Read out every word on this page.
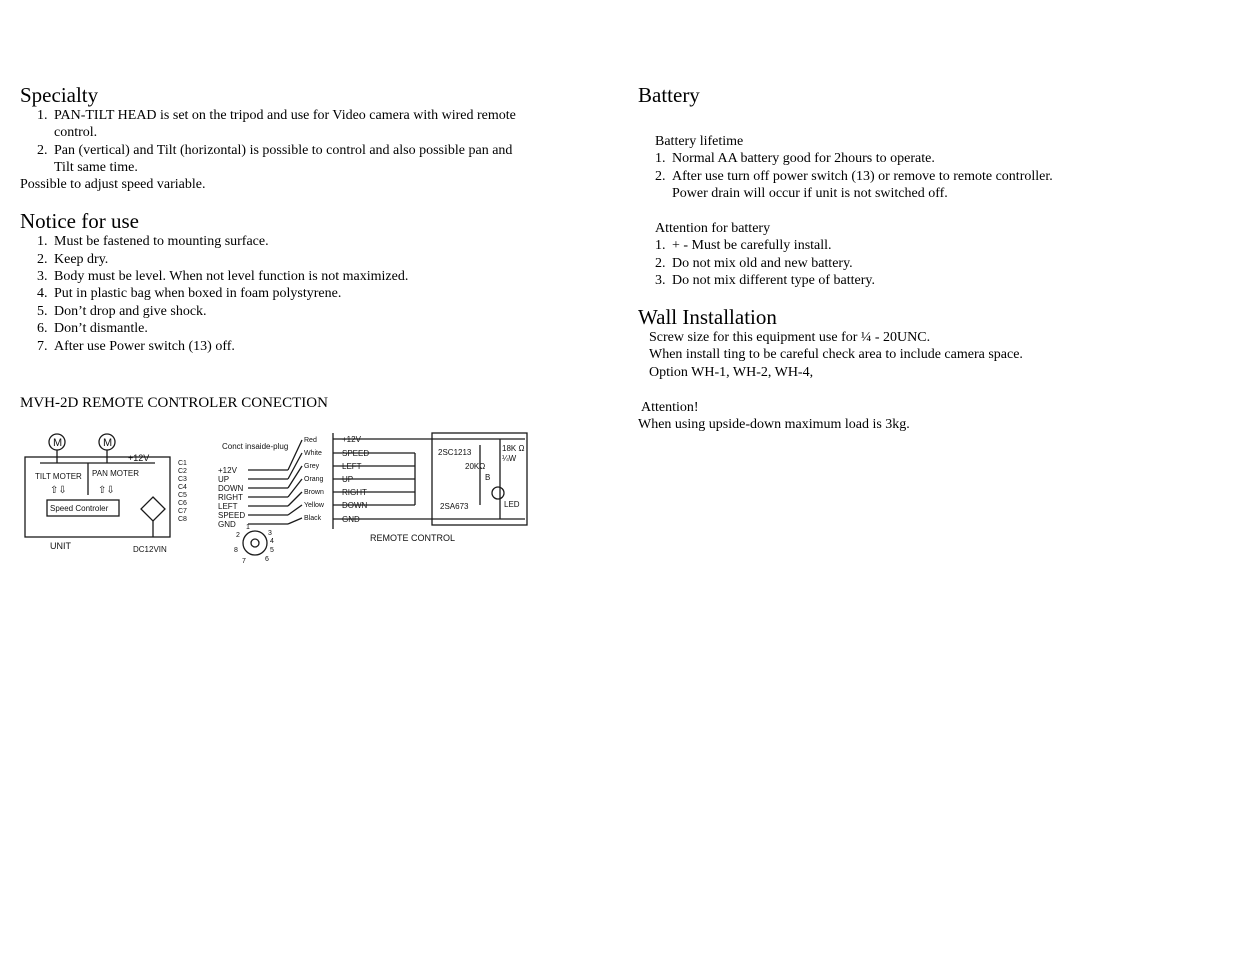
Specialty
1. PAN-TILT HEAD is set on the tripod and use for Video camera with wired remote
control.
2. Pan (vertical) and Tilt (horizontal) is possible to control and also possible pan and
Tilt same time.
Possible to adjust speed variable.
Notice for use
1. Must be fastened to mounting surface.
2. Keep dry.
3. Body must be level. When not level function is not maximized.
4. Put in plastic bag when boxed in foam polystyrene.
5. Don’t drop and give shock.
6. Don’t dismantle.
7. After use Power switch (13) off.
MVH-2D REMOTE CONTROLER CONECTION
M	M
+12V
TILT MOTER PAN MOTER
⇧⇩	⇧⇩
Speed Controler
UNIT	DC12VIN
C1
C2
C3
C4
C5
C6
C7
C8
Conct insaide-plug
+12V
UP
DOWN
RIGHT
LEFT
SPEED
GND
Red
White
Grey
Orang
Brown
Yellow
Black
2
1
3
4
5
6
7
8
+12V
SPEED
LEFT
UP
RIGHT
DOWN
GND
2SC1213
2SA673
20KΩ
18K Ω
¼W
B
LED
REMOTE CONTROL
Battery
Battery lifetime
1. Normal AA battery good for 2hours to operate.
2. After use turn off power switch (13) or remove to remote controller.
Power drain will occur if unit is not switched off.
Attention for battery
1. + - Must be carefully install.
2. Do not mix old and new battery.
3. Do not mix different type of battery.
Wall Installation
Screw size for this equipment use for ¼ - 20UNC.
When install ting to be careful check area to include camera space.
Option WH-1, WH-2, WH-4,
Attention!
When using upside-down maximum load is 3kg.
